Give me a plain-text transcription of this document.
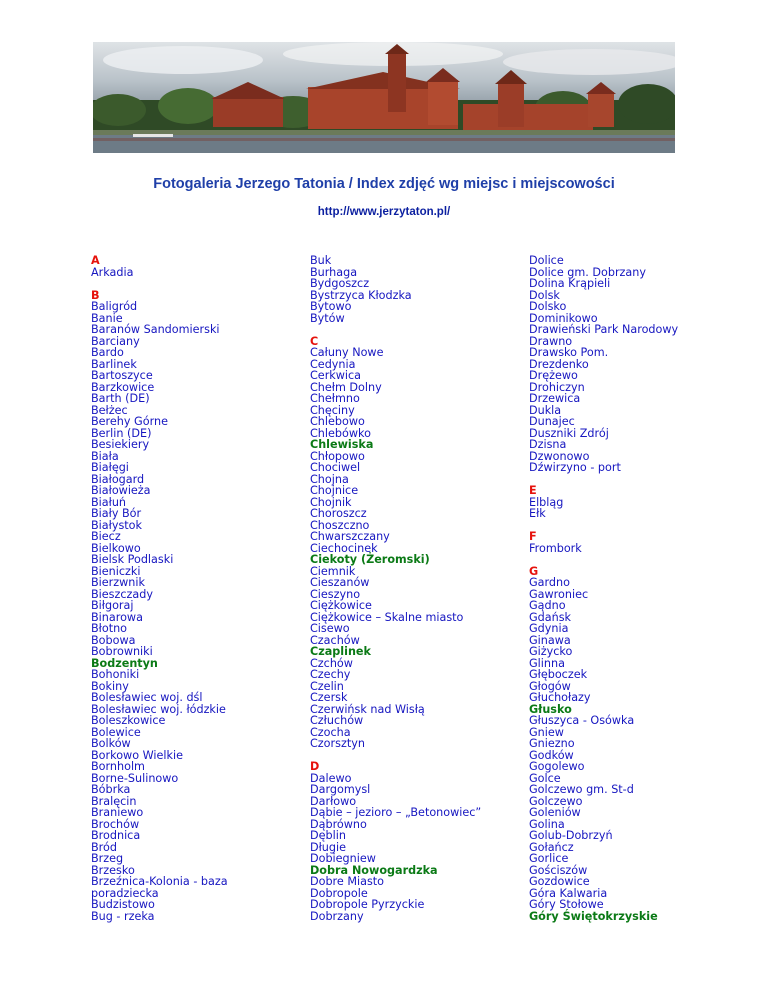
Fotogaleria Jerzego Tatonia / Index zdjęć wg miejsc i miejscowości
http://www.jerzytaton.pl/
A
Arkadia
B
Baligród
Banie
Baranów Sandomierski
Barciany
Bardo
Barlinek
Bartoszyce
Barzkowice
Barth (DE)
Bełżec
Berehy Górne
Berlin (DE)
Besiekiery
Biała
Białęgi
Białogard
Białowieża
Białuń
Biały Bór
Białystok
Biecz
Bielkowo
Bielsk Podlaski
Bieniczki
Bierzwnik
Bieszczady
Biłgoraj
Binarowa
Błotno
Bobowa
Bobrowniki
Bodzentyn
Bohoniki
Bokiny
Bolesławiec woj. dśl
Bolesławiec woj. łódzkie
Boleszkowice
Bolewice
Bolków
Borkowo Wielkie
Bornholm
Borne-Sulinowo
Bóbrka
Bralęcin
Braniewo
Brochów
Brodnica
Bród
Brzeg
Brzesko
Brzeźnica-Kolonia - baza
poradziecka
Budzistowo
Bug - rzeka
Buk
Burhaga
Bydgoszcz
Bystrzyca Kłodzka
Bytowo
Bytów
C
Całuny Nowe
Cedynia
Cerkwica
Chełm Dolny
Chełmno
Chęciny
Chlebowo
Chlebówko
Chlewiska
Chłopowo
Chociwel
Chojna
Chojnice
Chojnik
Choroszcz
Choszczno
Chwarszczany
Ciechocinek
Ciekoty (Żeromski)
Ciemnik
Cieszanów
Cieszyno
Ciężkowice
Ciężkowice – Skalne miasto
Cisewo
Czachów
Czaplinek
Czchów
Czechy
Czelin
Czersk
Czerwińsk nad Wisłą
Człuchów
Czocha
Czorsztyn
D
Dalewo
Dargomysl
Darłowo
Dąbie – jezioro – „Betonowiec”
Dąbrówno
Dęblin
Długie
Dobiegniew
Dobra Nowogardzka
Dobre Miasto
Dobropole
Dobropole Pyrzyckie
Dobrzany
Dolice
Dolice gm. Dobrzany
Dolina Krąpieli
Dolsk
Dolsko
Dominikowo
Drawieński Park Narodowy
Drawno
Drawsko Pom.
Drezdenko
Drężewo
Drohiczyn
Drzewica
Dukla
Dunajec
Duszniki Zdrój
Dzisna
Dzwonowo
Dźwirzyno - port
E
Elbląg
Ełk
F
Frombork
G
Gardno
Gawroniec
Gądno
Gdańsk
Gdynia
Ginawa
Giżycko
Glinna
Głęboczek
Głogów
Głuchołazy
Głusko
Głuszyca - Osówka
Gniew
Gniezno
Godków
Gogolewo
Golce
Golczewo gm. St-d
Golczewo
Goleniów
Golina
Golub-Dobrzyń
Gołańcz
Gorlice
Gościszów
Gozdowice
Góra Kalwaria
Góry Stołowe
Góry Świętokrzyskie
